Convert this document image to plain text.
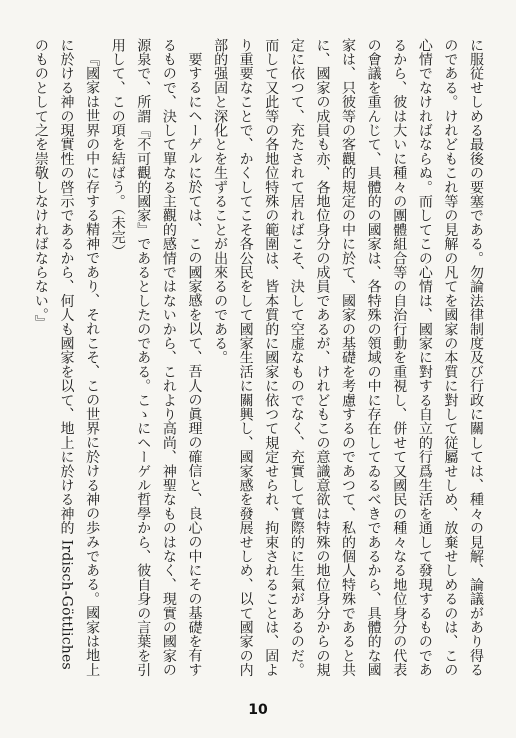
に服従せしめる最後の要塞である。勿論法律制度及び行政に關しては、種々の見解、論議があり得るのである。けれどもこれ等の見解の凡てを國家の本質に對して従屬せしめ、放棄せしめるのは、この心情でなければならぬ。而してこの心情は、國家に對する自立的行爲生活を通して發現するものであるから、彼は大いに種々の團體組合等の自治行動を重視し、併せて又國民の種々なる地位身分の代表の會議を重んじて、具體的の國家は、各特殊の領域の中に存在してゐるべきであるから、具體的な國家は、只彼等の客觀的規定の中に於て、國家の基礎を考慮するのであつて、私的個人特殊であると共に、國家の成員も亦、各地位身分の成員であるが、けれどもこの意識意欲は特殊の地位身分からの規定に依つて、充たされて居ればこそ、決して空虚なものでなく、充實して實際的に生氣があるのだ。而して又此等の各地位特殊の範圍は、皆本質的に國家に依つて規定せられ、拘束されることは、固より重要なことで、かくしてこそ各公民をして國家生活に關興し、國家感を發展せしめ、以て國家の内部的强固と深化とを生ずることが出來るのである。

要するにヘーゲルに於ては、この國家感を以て、吾人の眞理の確信と、良心の中にその基礎を有するもので、決して單なる主觀的感情ではないから、これより高尚、神聖なものはなく、現實の國家の源泉で、所謂『不可觀的國家』であるとしたのである。こゝにヘーゲル哲學から、彼自身の言葉を引用して、この項を結ばう。（未完）

『國家は世界の中に存する精神であり、それこそ、この世界に於ける神の歩みである。國家は地上に於ける神の現實性の啓示であるから、何人も國家を以て、地上に於ける神的 Irdisch-Göttliches のものとして之を崇敬しなければならない。』

10
